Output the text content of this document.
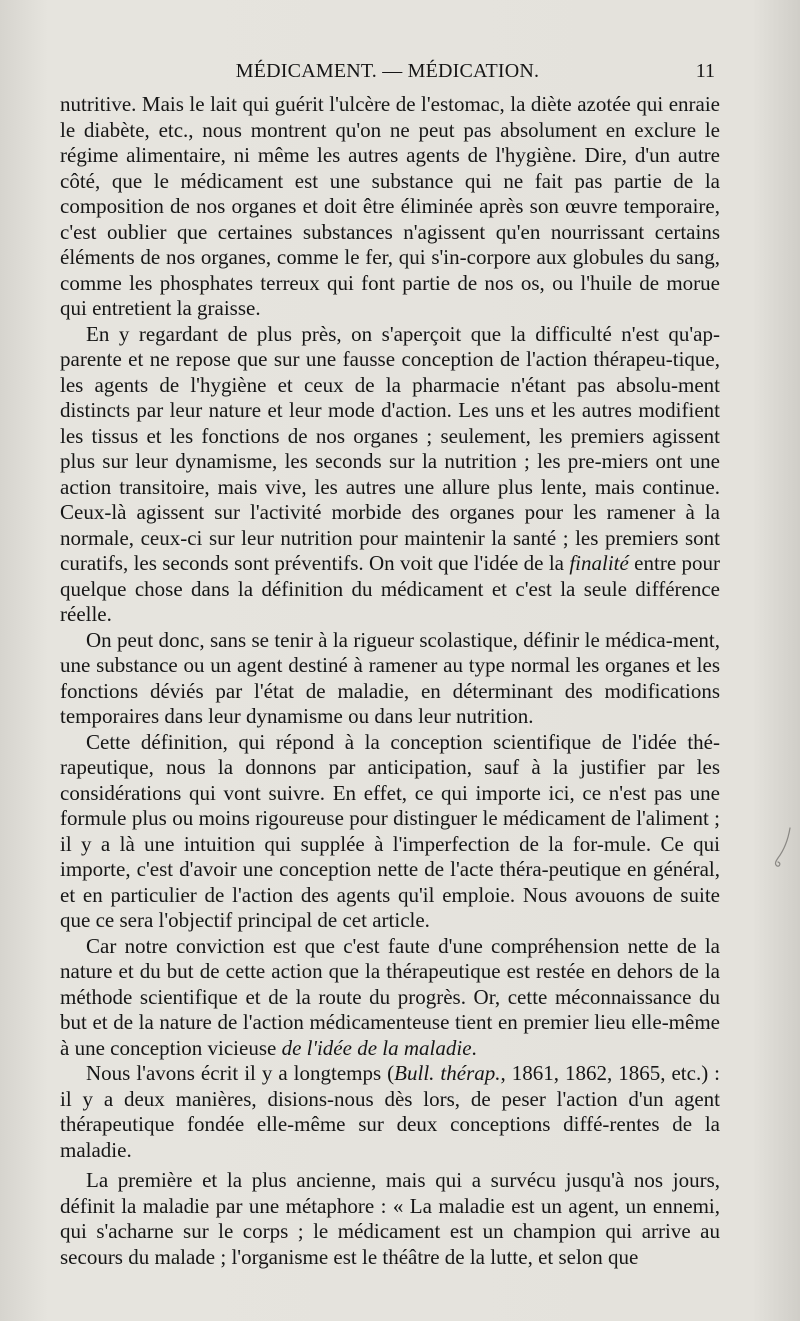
MÉDICAMENT. — MÉDICATION.	11

nutritive. Mais le lait qui guérit l'ulcère de l'estomac, la diète azotée qui enraie le diabète, etc., nous montrent qu'on ne peut pas absolument en exclure le régime alimentaire, ni même les autres agents de l'hygiène. Dire, d'un autre côté, que le médicament est une substance qui ne fait pas partie de la composition de nos organes et doit être éliminée après son œuvre temporaire, c'est oublier que certaines substances n'agissent qu'en nourrissant certains éléments de nos organes, comme le fer, qui s'in-corpore aux globules du sang, comme les phosphates terreux qui font partie de nos os, ou l'huile de morue qui entretient la graisse.

En y regardant de plus près, on s'aperçoit que la difficulté n'est qu'ap-parente et ne repose que sur une fausse conception de l'action thérapeu-tique, les agents de l'hygiène et ceux de la pharmacie n'étant pas absolu-ment distincts par leur nature et leur mode d'action. Les uns et les autres modifient les tissus et les fonctions de nos organes ; seulement, les premiers agissent plus sur leur dynamisme, les seconds sur la nutrition ; les pre-miers ont une action transitoire, mais vive, les autres une allure plus lente, mais continue. Ceux-là agissent sur l'activité morbide des organes pour les ramener à la normale, ceux-ci sur leur nutrition pour maintenir la santé ; les premiers sont curatifs, les seconds sont préventifs. On voit que l'idée de la finalité entre pour quelque chose dans la définition du médicament et c'est la seule différence réelle.

On peut donc, sans se tenir à la rigueur scolastique, définir le médica-ment, une substance ou un agent destiné à ramener au type normal les organes et les fonctions déviés par l'état de maladie, en déterminant des modifications temporaires dans leur dynamisme ou dans leur nutrition.

Cette définition, qui répond à la conception scientifique de l'idée thé-rapeutique, nous la donnons par anticipation, sauf à la justifier par les considérations qui vont suivre. En effet, ce qui importe ici, ce n'est pas une formule plus ou moins rigoureuse pour distinguer le médicament de l'aliment ; il y a là une intuition qui supplée à l'imperfection de la for-mule. Ce qui importe, c'est d'avoir une conception nette de l'acte théra-peutique en général, et en particulier de l'action des agents qu'il emploie. Nous avouons de suite que ce sera l'objectif principal de cet article.

Car notre conviction est que c'est faute d'une compréhension nette de la nature et du but de cette action que la thérapeutique est restée en dehors de la méthode scientifique et de la route du progrès. Or, cette méconnaissance du but et de la nature de l'action médicamenteuse tient en premier lieu elle-même à une conception vicieuse de l'idée de la maladie.

Nous l'avons écrit il y a longtemps (Bull. thérap., 1861, 1862, 1865, etc.) : il y a deux manières, disions-nous dès lors, de peser l'action d'un agent thérapeutique fondée elle-même sur deux conceptions diffé-rentes de la maladie.

La première et la plus ancienne, mais qui a survécu jusqu'à nos jours, définit la maladie par une métaphore : « La maladie est un agent, un ennemi, qui s'acharne sur le corps ; le médicament est un champion qui arrive au secours du malade ; l'organisme est le théâtre de la lutte, et selon que
